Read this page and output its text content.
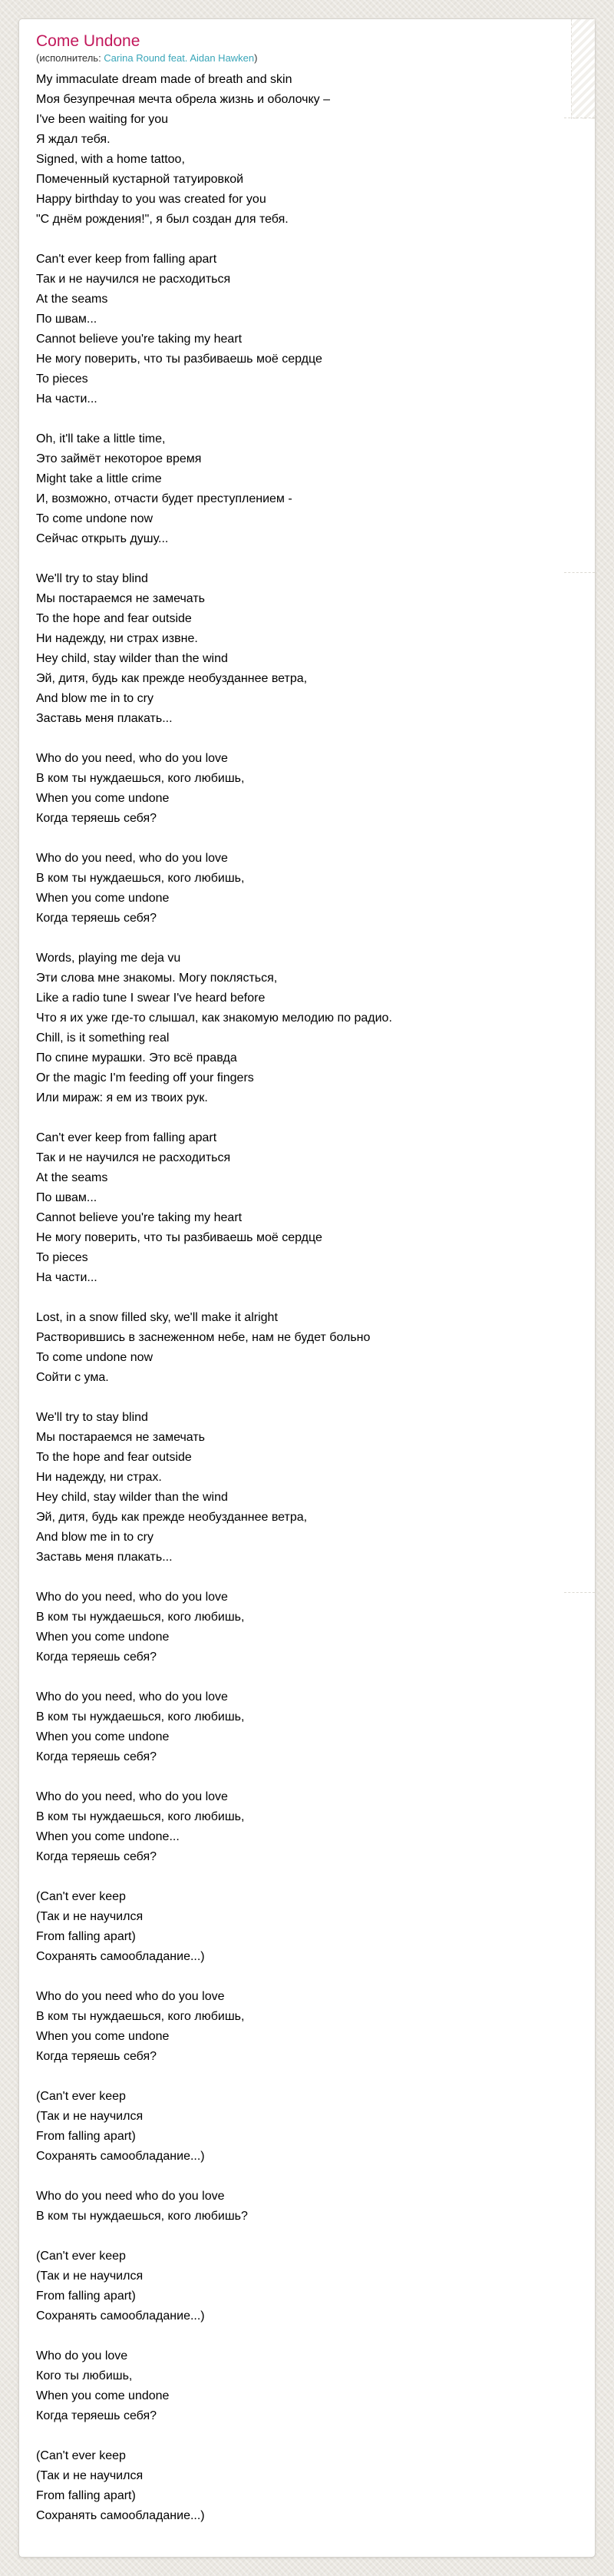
Come Undone
(исполнитель: Carina Round feat. Aidan Hawken)
My immaculate dream made of breath and skin
Моя безупречная мечта обрела жизнь и оболочку –
I've been waiting for you
Я ждал тебя.
Signed, with a home tattoo,
Помеченный кустарной татуировкой
Happy birthday to you was created for you
"С днём рождения!", я был создан для тебя.
Can't ever keep from falling apart
Так и не научился не расходиться
At the seams
По швам...
Cannot believe you're taking my heart
Не могу поверить, что ты разбиваешь моё сердце
To pieces
На части...
Oh, it'll take a little time,
Это займёт некоторое время
Might take a little crime
И, возможно, отчасти будет преступлением -
To come undone now
Сейчас открыть душу...
We'll try to stay blind
Мы постараемся не замечать
To the hope and fear outside
Ни надежду, ни страх извне.
Hey child, stay wilder than the wind
Эй, дитя, будь как прежде необузданнее ветра,
And blow me in to cry
Заставь меня плакать...
Who do you need, who do you love
В ком ты нуждаешься, кого любишь,
When you come undone
Когда теряешь себя?
Who do you need, who do you love
В ком ты нуждаешься, кого любишь,
When you come undone
Когда теряешь себя?
Words, playing me deja vu
Эти слова мне знакомы. Могу поклясться,
Like a radio tune I swear I've heard before
Что я их уже где-то слышал, как знакомую мелодию по радио.
Chill, is it something real
По спине мурашки. Это всё правда
Or the magic I'm feeding off your fingers
Или мираж: я ем из твоих рук.
Can't ever keep from falling apart
Так и не научился не расходиться
At the seams
По швам...
Cannot believe you're taking my heart
Не могу поверить, что ты разбиваешь моё сердце
To pieces
На части...
Lost, in a snow filled sky, we'll make it alright
Растворившись в заснеженном небе, нам не будет больно
To come undone now
Сойти с ума.
We'll try to stay blind
Мы постараемся не замечать
To the hope and fear outside
Ни надежду, ни страх.
Hey child, stay wilder than the wind
Эй, дитя, будь как прежде необузданнее ветра,
And blow me in to cry
Заставь меня плакать...
Who do you need, who do you love
В ком ты нуждаешься, кого любишь,
When you come undone
Когда теряешь себя?
Who do you need, who do you love
В ком ты нуждаешься, кого любишь,
When you come undone
Когда теряешь себя?
Who do you need, who do you love
В ком ты нуждаешься, кого любишь,
When you come undone...
Когда теряешь себя?
(Can't ever keep
(Так и не научился
From falling apart)
Сохранять самообладание...)
Who do you need who do you love
В ком ты нуждаешься, кого любишь,
When you come undone
Когда теряешь себя?
(Can't ever keep
(Так и не научился
From falling apart)
Сохранять самообладание...)
Who do you need who do you love
В ком ты нуждаешься, кого любишь?
(Can't ever keep
(Так и не научился
From falling apart)
Сохранять самообладание...)
Who do you love
Кого ты любишь,
When you come undone
Когда теряешь себя?
(Can't ever keep
(Так и не научился
From falling apart)
Сохранять самообладание...)
